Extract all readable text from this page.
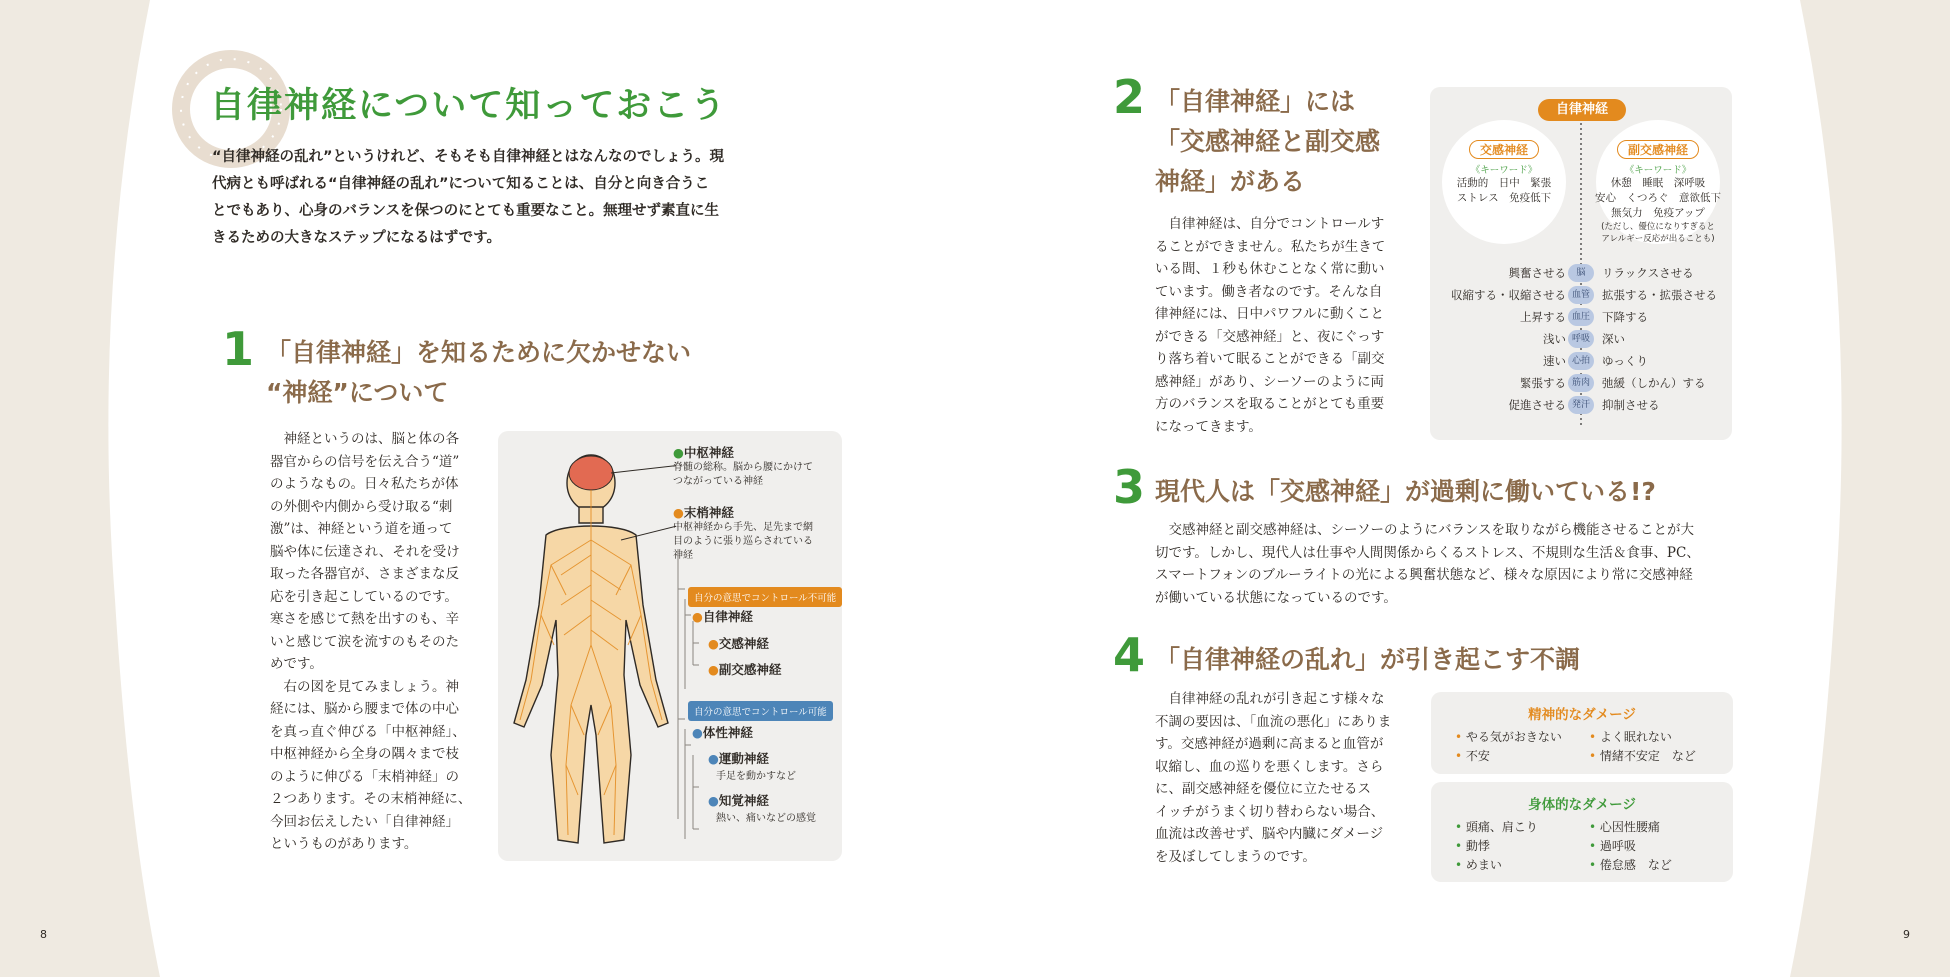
自律神経について知っておこう
“自律神経の乱れ”というけれど、そもそも自律神経とはなんなのでしょう。現
代病とも呼ばれる“自律神経の乱れ”について知ることは、自分と向き合うこ
とでもあり、心身のバランスを保つのにとても重要なこと。無理せず素直に生
きるための大きなステップになるはずです。
1 「自律神経」を知るために欠かせない
“神経”について
　神経というのは、脳と体の各
器官からの信号を伝え合う“道”
のようなもの。日々私たちが体
の外側や内側から受け取る“刺
激”は、神経という道を通って
脳や体に伝達され、それを受け
取った各器官が、さまざまな反
応を引き起こしているのです。
寒さを感じて熱を出すのも、辛
いと感じて涙を流すのもそのた
めです。
　右の図を見てみましょう。神
経には、脳から腰まで体の中心
を真っ直ぐ伸びる「中枢神経」、
中枢神経から全身の隅々まで枝
のように伸びる「末梢神経」の
２つあります。その末梢神経に、
今回お伝えしたい「自律神経」
というものがあります。
●中枢神経
脊髄の総称。脳から腰にかけて
つながっている神経
●末梢神経
中枢神経から手先、足先まで網
目のように張り巡らされている
神経
自分の意思でコントロール不可能
●自律神経
●交感神経
●副交感神経
自分の意思でコントロール可能
●体性神経
●運動神経
手足を動かすなど
●知覚神経
熱い、痛いなどの感覚
8
2 「自律神経」には
「交感神経と副交感
神経」がある
　自律神経は、自分でコントロールす
ることができません。私たちが生きて
いる間、１秒も休むことなく常に動い
ています。働き者なのです。そんな自
律神経には、日中パワフルに動くこと
ができる「交感神経」と、夜にぐっす
り落ち着いて眠ることができる「副交
感神経」があり、シーソーのように両
方のバランスを取ることがとても重要
になってきます。
自律神経
交感神経
《キーワード》
活動的　日中　緊張
ストレス　免疫低下
副交感神経
《キーワード》
休憩　睡眠　深呼吸
安心　くつろぐ　意欲低下
無気力　免疫アップ
(ただし、優位になりすぎると
アレルギー反応が出ることも)
興奮させる	脳	リラックスさせる
収縮する・収縮させる 血管	拡張する・拡張させる
上昇する 血圧	下降する
浅い 呼吸	深い
速い 心拍	ゆっくり
緊張する 筋肉	弛緩（しかん）する
促進させる 発汗	抑制させる
3 現代人は「交感神経」が過剰に働いている!?
　交感神経と副交感神経は、シーソーのようにバランスを取りながら機能させることが大
切です。しかし、現代人は仕事や人間関係からくるストレス、不規則な生活＆食事、PC、
スマートフォンのブルーライトの光による興奮状態など、様々な原因により常に交感神経
が働いている状態になっているのです。
4 「自律神経の乱れ」が引き起こす不調
　自律神経の乱れが引き起こす様々な
不調の要因は、「血流の悪化」にありま
す。交感神経が過剰に高まると血管が
収縮し、血の巡りを悪くします。さら
に、副交感神経を優位に立たせるス
イッチがうまく切り替わらない場合、
血流は改善せず、脳や内臓にダメージ
を及ぼしてしまうのです。
精神的なダメージ
• やる気がおきない
• 不安
• よく眠れない
• 情緒不安定　など
身体的なダメージ
• 頭痛、肩こり
• 動悸
• めまい
• 心因性腰痛
• 過呼吸
• 倦怠感　など
9
